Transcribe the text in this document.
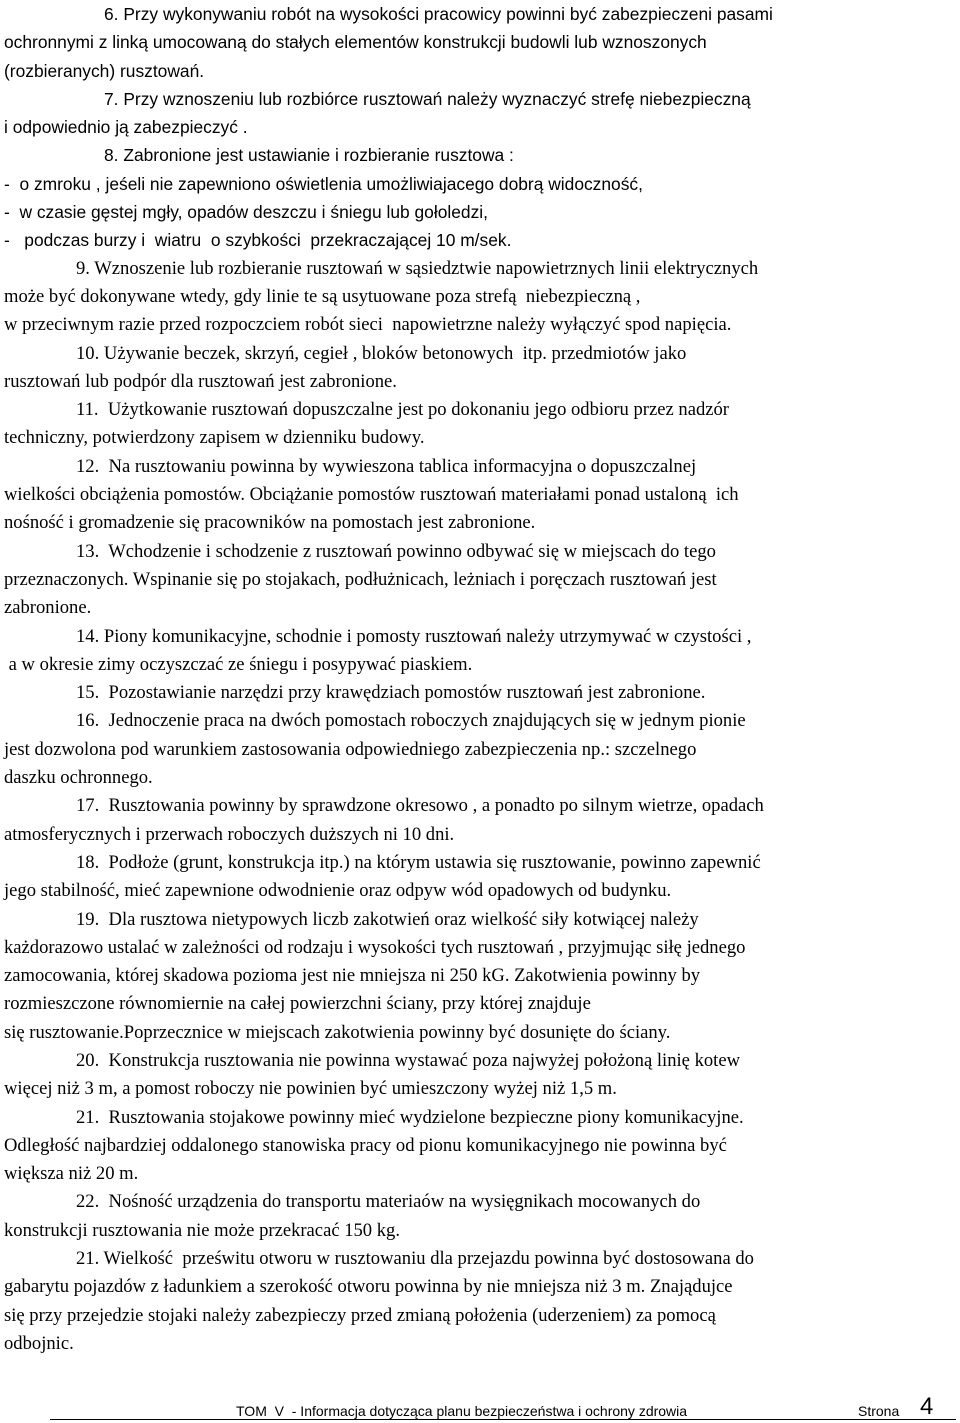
6. Przy wykonywaniu robót na wysokości pracowicy powinni być zabezpieczeni pasami
ochronnymi z linką umocowaną do stałych elementów konstrukcji budowli lub wznoszonych
(rozbieranych) rusztowań.
7. Przy wznoszeniu lub rozbiórce rusztowań należy wyznaczyć strefę niebezpieczną
i odpowiednio ją zabezpieczyć .
8. Zabronione jest ustawianie i rozbieranie rusztowa :
-  o zmroku , jeśeli nie zapewniono oświetlenia umożliwiajacego dobrą widoczność,
-  w czasie gęstej mgły, opadów deszczu i śniegu lub gołoledzi,
-   podczas burzy i  wiatru  o szybkości  przekraczającej 10 m/sek.
9. Wznoszenie lub rozbieranie rusztowań w sąsiedztwie napowietrznych linii elektrycznych
może być dokonywane wtedy, gdy linie te są usytuowane poza strefą  niebezpieczną ,
w przeciwnym razie przed rozpoczciem robót sieci  napowietrzne należy wyłączyć spod napięcia.
10. Używanie beczek, skrzyń, cegieł , bloków betonowych  itp. przedmiotów jako
rusztowań lub podpór dla rusztowań jest zabronione.
11.  Użytkowanie rusztowań dopuszczalne jest po dokonaniu jego odbioru przez nadzór
techniczny, potwierdzony zapisem w dzienniku budowy.
12.  Na rusztowaniu powinna by wywieszona tablica informacyjna o dopuszczalnej
wielkości obciążenia pomostów. Obciążanie pomostów rusztowań materiałami ponad ustaloną  ich
nośność i gromadzenie się pracowników na pomostach jest zabronione.
13.  Wchodzenie i schodzenie z rusztowań powinno odbywać się w miejscach do tego
przeznaczonych. Wspinanie się po stojakach, podłużnicach, leżniach i poręczach rusztowań jest
zabronione.
14. Piony komunikacyjne, schodnie i pomosty rusztowań należy utrzymywać w czystości ,
a w okresie zimy oczyszczać ze śniegu i posypywać piaskiem.
15.  Pozostawianie narzędzi przy krawędziach pomostów rusztowań jest zabronione.
16.  Jednoczenie praca na dwóch pomostach roboczych znajdujących się w jednym pionie
jest dozwolona pod warunkiem zastosowania odpowiedniego zabezpieczenia np.: szczelnego
daszku ochronnego.
17.  Rusztowania powinny by sprawdzone okresowo , a ponadto po silnym wietrze, opadach
atmosferycznych i przerwach roboczych duższych ni 10 dni.
18.  Podłoże (grunt, konstrukcja itp.) na którym ustawia się rusztowanie, powinno zapewnić
jego stabilność, mieć zapewnione odwodnienie oraz odpyw wód opadowych od budynku.
19.  Dla rusztowa nietypowych liczb zakotwień oraz wielkość siły kotwiącej należy
każdorazowo ustalać w zależności od rodzaju i wysokości tych rusztowań , przyjmując siłę jednego
zamocowania, której skadowa pozioma jest nie mniejsza ni 250 kG. Zakotwienia powinny by
rozmieszczone równomiernie na całej powierzchni ściany, przy której znajduje
się rusztowanie.Poprzecznice w miejscach zakotwienia powinny być dosunięte do ściany.
20.  Konstrukcja rusztowania nie powinna wystawać poza najwyżej położoną linię kotew
więcej niż 3 m, a pomost roboczy nie powinien być umieszczony wyżej niż 1,5 m.
21.  Rusztowania stojakowe powinny mieć wydzielone bezpieczne piony komunikacyjne.
Odległość najbardziej oddalonego stanowiska pracy od pionu komunikacyjnego nie powinna być
większa niż 20 m.
22.  Nośność urządzenia do transportu materiaów na wysięgnikach mocowanych do
konstrukcji rusztowania nie może przekracać 150 kg.
21. Wielkość  prześwitu otworu w rusztowaniu dla przejazdu powinna być dostosowana do
gabarytu pojazdów z ładunkiem a szerokość otworu powinna by nie mniejsza niż 3 m. Znajądujce
się przy przejedzie stojaki należy zabezpieczy przed zmianą położenia (uderzeniem) za pomocą
odbojnic.
TOM  V  - Informacja dotycząca planu bezpieczeństwa i ochrony zdrowia	Strona 4
